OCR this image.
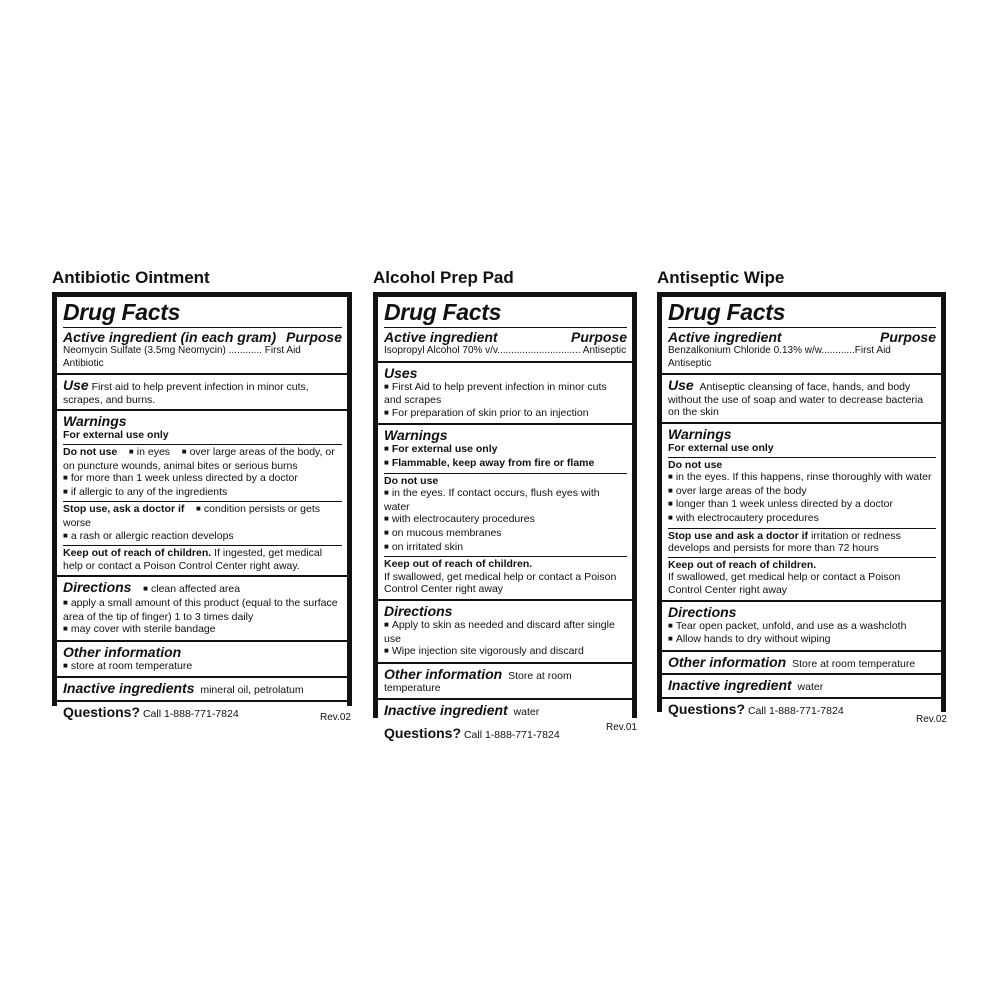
Antibiotic Ointment
Drug Facts
Active ingredient (in each gram) Purpose
Neomycin Sulfate (3.5mg Neomycin) ............ First Aid Antibiotic
Use First aid to help prevent infection in minor cuts, scrapes, and burns.
Warnings
For external use only
Do not use ■ in eyes ■ over large areas of the body, or on puncture wounds, animal bites or serious burns
■ for more than 1 week unless directed by a doctor
■ if allergic to any of the ingredients
Stop use, ask a doctor if ■ condition persists or gets worse
■ a rash or allergic reaction develops
Keep out of reach of children. If ingested, get medical help or contact a Poison Control Center right away.
Directions ■ clean affected area
■ apply a small amount of this product (equal to the surface area of the tip of finger) 1 to 3 times daily
■ may cover with sterile bandage
Other information
■ store at room temperature
Inactive ingredients mineral oil, petrolatum
Questions? Call 1-888-771-7824	Rev.02
Alcohol Prep Pad
Drug Facts
Active ingredient	Purpose
Isopropyl Alcohol 70% v/v.............................. Antiseptic
Uses
■ First Aid to help prevent infection in minor cuts and scrapes
■ For preparation of skin prior to an injection
Warnings
■ For external use only
■ Flammable, keep away from fire or flame
Do not use
■ in the eyes. If contact occurs, flush eyes with water
■ with electrocautery procedures
■ on mucous membranes
■ on irritated skin
Keep out of reach of children.
If swallowed, get medical help or contact a Poison Control Center right away
Directions
■ Apply to skin as needed and discard after single use
■ Wipe injection site vigorously and discard
Other information Store at room temperature
Inactive ingredient water
Questions? Call 1-888-771-7824
Rev.01
Antiseptic Wipe
Drug Facts
Active ingredient	Purpose
Benzalkonium Chloride 0.13% w/w............First Aid Antiseptic
Use Antiseptic cleansing of face, hands, and body without the use of soap and water to decrease bacteria on the skin
Warnings
For external use only
Do not use
■ in the eyes. If this happens, rinse thoroughly with water
■ over large areas of the body
■ longer than 1 week unless directed by a doctor
■ with electrocautery procedures
Stop use and ask a doctor if irritation or redness develops and persists for more than 72 hours
Keep out of reach of children.
If swallowed, get medical help or contact a Poison Control Center right away
Directions
■ Tear open packet, unfold, and use as a washcloth
■ Allow hands to dry without wiping
Other information Store at room temperature
Inactive ingredient water
Questions? Call 1-888-771-7824
Rev.02
